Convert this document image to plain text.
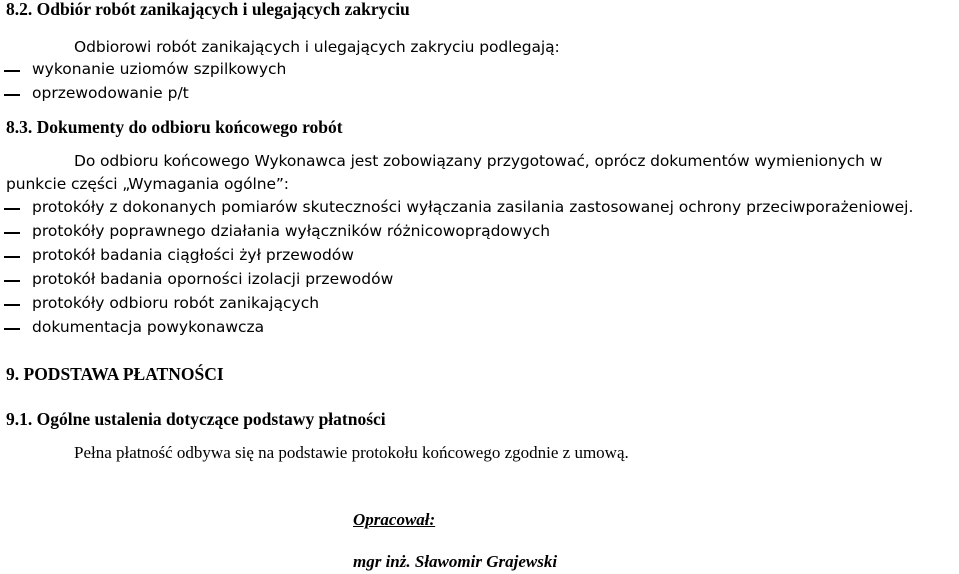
8.2. Odbiór robót zanikających i ulegających zakryciu
Odbiorowi robót zanikających i ulegających zakryciu podlegają:
wykonanie uziomów szpilkowych
oprzewodowanie p/t
8.3. Dokumenty do odbioru końcowego robót
Do odbioru końcowego Wykonawca jest zobowiązany przygotować, oprócz dokumentów wymienionych w
punkcie części „Wymagania ogólne”:
protokóły z dokonanych pomiarów skuteczności wyłączania zasilania zastosowanej ochrony przeciwporażeniowej.
protokóły poprawnego działania wyłączników różnicowoprądowych
protokół badania ciągłości żył przewodów
protokół badania oporności izolacji przewodów
protokóły odbioru robót zanikających
dokumentacja powykonawcza
9. PODSTAWA PŁATNOŚCI
9.1. Ogólne ustalenia dotyczące podstawy płatności
Pełna płatność odbywa się na podstawie protokołu końcowego zgodnie z umową.
Opracował:
mgr inż. Sławomir Grajewski
